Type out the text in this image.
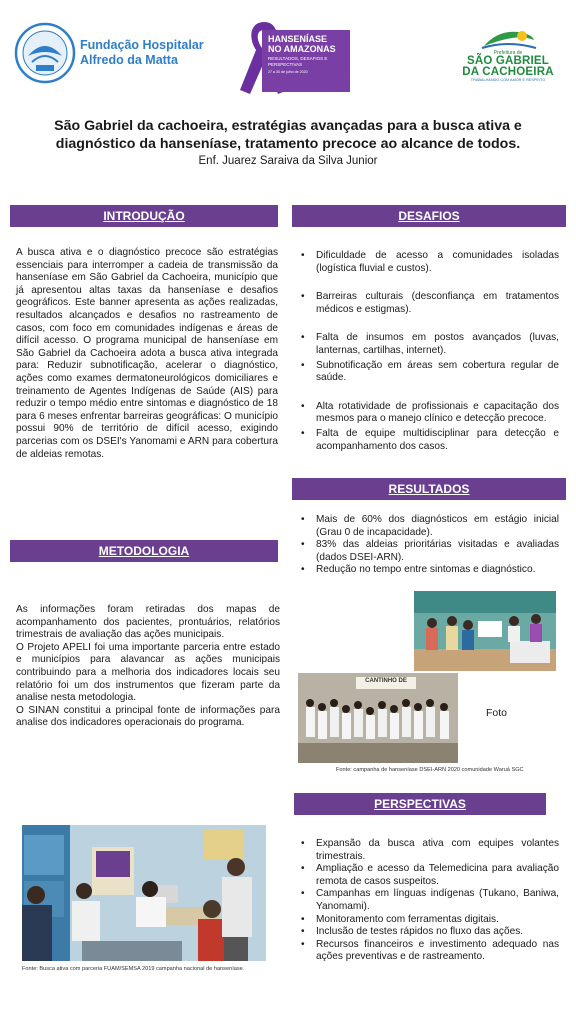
Fundação Hospitalar
Alfredo da Matta
HANSENÍASE
NO AMAZONAS
RESULTADOS, DESAFIOS E PERSPECTIVAS
27 a 30 de julho de 2020
Prefeitura de
SÃO GABRIEL
DA CACHOEIRA
TRABALHANDO COM AMOR E RESPEITO
São Gabriel da cachoeira, estratégias avançadas para a busca ativa e diagnóstico da hanseníase, tratamento precoce ao alcance de todos.
Enf. Juarez Saraiva da Silva Junior
INTRODUÇÃO

A busca ativa e o diagnóstico precoce são estratégias essenciais para interromper a cadeia de transmissão da hanseníase em São Gabriel da Cachoeira, município que já apresentou altas taxas da hanseníase e desafios geográficos. Este banner apresenta as ações realizadas, resultados alcançados e desafios no rastreamento de casos, com foco em comunidades indígenas e áreas de difícil acesso. O programa municipal de hanseníase em São Gabriel da Cachoeira adota a busca ativa integrada para: Reduzir subnotificação, acelerar o diagnóstico, ações como exames dermatoneurológicos domiciliares e treinamento de Agentes Indígenas de Saúde (AIS) para reduzir o tempo médio entre sintomas e diagnóstico de 18 para 6 meses enfrentar barreiras geográficas: O município possui 90% de território de difícil acesso, exigindo parcerias com os DSEI's Yanomami e ARN para cobertura de aldeias remotas.

METODOLOGIA

As informações foram retiradas dos mapas de acompanhamento dos pacientes, prontuários, relatórios trimestrais de avaliação das ações municipais.

O Projeto APELI foi uma importante parceria entre estado e municípios para alavancar as ações municipais contribuindo para a melhoria dos indicadores locais seu relatório foi um dos instrumentos que fizeram parte da analise nesta metodologia.

O SINAN constitui a principal fonte de informações para analise dos indicadores operacionais do programa.

Fonte: Busca ativa com parceria FUAM/SEMSA 2019 campanha nacional de hanseníase.
DESAFIOS
• Dificuldade de acesso a comunidades isoladas (logística fluvial e custos).
• Barreiras culturais (desconfiança em tratamentos médicos e estigmas).
• Falta de insumos em postos avançados (luvas, lanternas, cartilhas, internet).
• Subnotificação em áreas sem cobertura regular de saúde.
• Alta rotatividade de profissionais e capacitação dos mesmos para o manejo clínico e detecção precoce.
• Falta de equipe multidisciplinar para detecção e acompanhamento dos casos.
RESULTADOS
• Mais de 60% dos diagnósticos em estágio inicial (Grau 0 de incapacidade).
• 83% das aldeias prioritárias visitadas e avaliadas (dados DSEI-ARN).
• Redução no tempo entre sintomas e diagnóstico.
CANTINHO DE
Foto
Fonte: campanha de hanseníase DSEI-ARN 2020 comunidade Waruá SGC
PERSPECTIVAS
• Expansão da busca ativa com equipes volantes trimestrais.
• Ampliação e acesso da Telemedicina para avaliação remota de casos suspeitos.
• Campanhas em línguas indígenas (Tukano, Baniwa, Yanomami).
• Monitoramento com ferramentas digitais.
• Inclusão de testes rápidos no fluxo das ações.
• Recursos financeiros e investimento adequado nas ações preventivas e de rastreamento.
